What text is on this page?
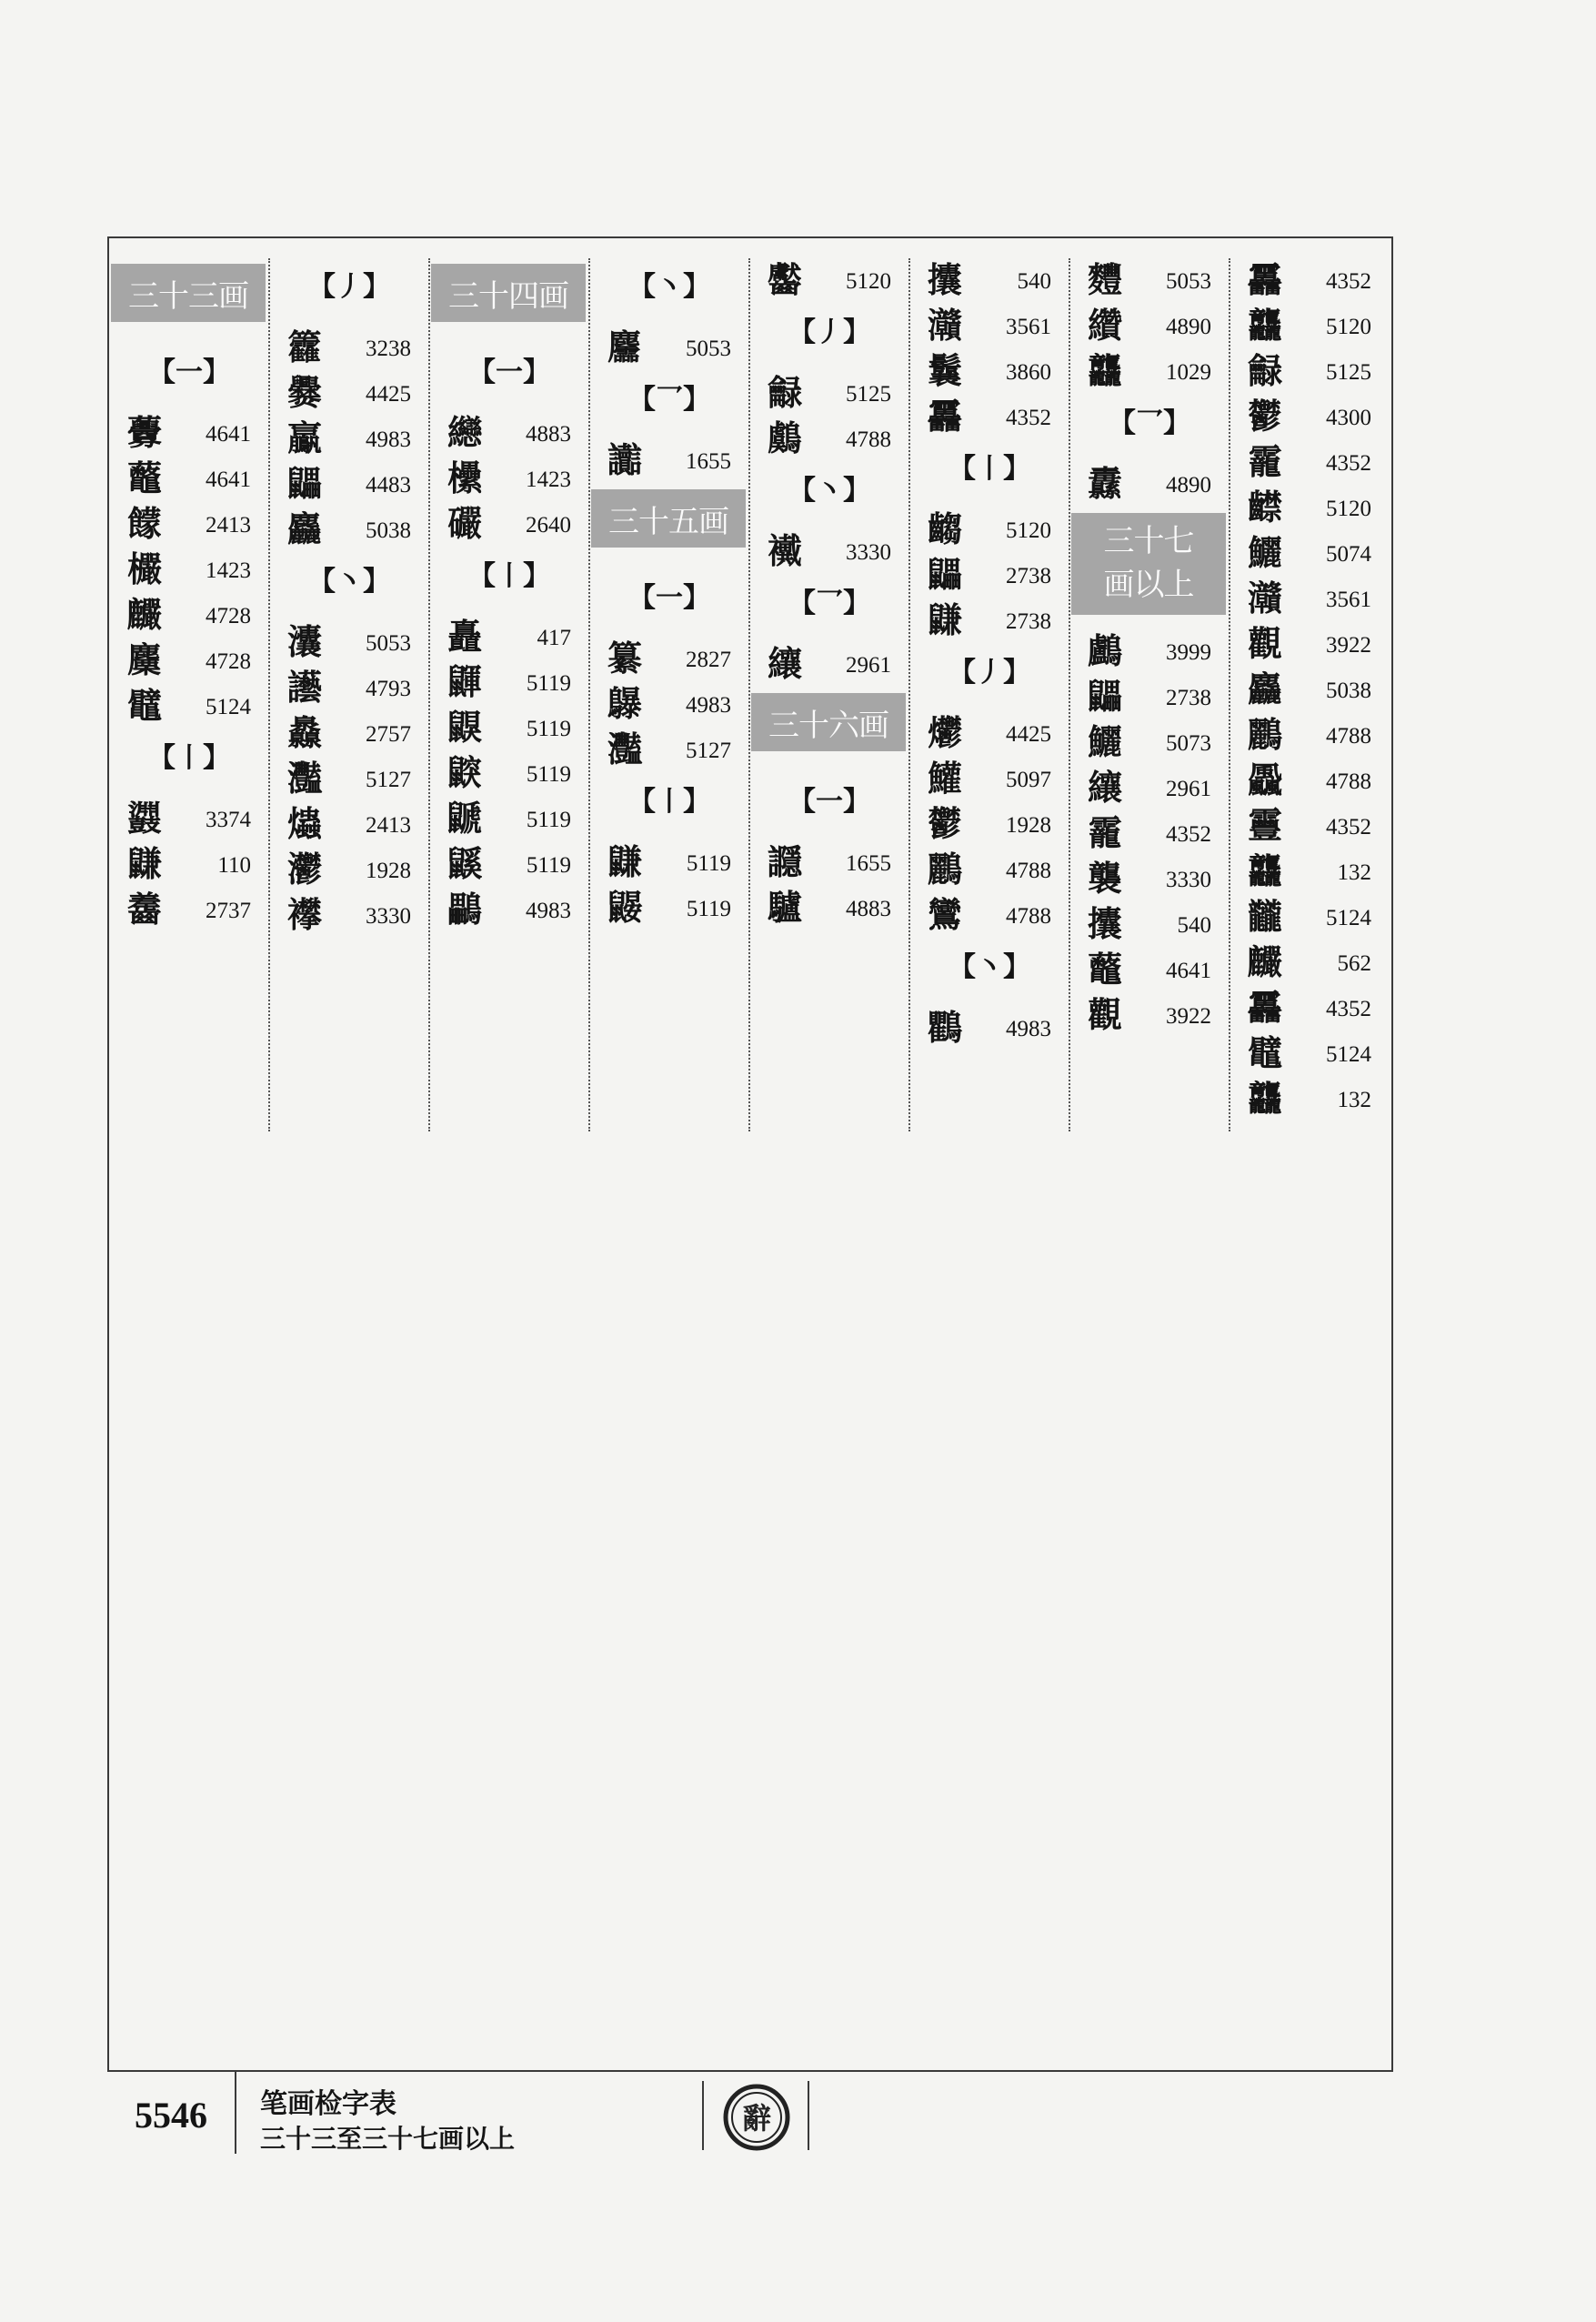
三十三画
【一】
虋 4641
虌 4641
饛 2413
欕 1423
麣 4728
麜 4728
鼊 5124
【丨】
鼝 3374
鼸 110
齹 2737
【丿】
籱 3238
爨 4425
鸁 4983
鼺 4483
麤 5038
【丶】
灢 5053
讛 4793
灥 2757
灩 5127
爞 2413
灪 1928
襻 3330
三十四画
【一】
纞 4883
欙 1423
礹 2640
【丨】
矗 417
鼲 5119
鼳 5119
鼵 5119
鼶 5119
鼷 5119
鸓 4983
【丶】
麢 5053
【乛】
讟 1655
三十五画
【一】
纂 2827
鸔 4983
灩 5127
【丨】
鼸 5119
鼹 5119
齾 5120
【丿】
龣 5125
鸆 4788
【丶】
襶 3330
【乛】
纕 2961
三十六画
【一】
讔 1655
驢 4883
攮 540
灨 3561
鬤 3860
靐 4352
【丨】
齺 5120
鼺 2738
鼸 2738
【丿】
爩 4425
鱹 5097
鬱 1928
鸝 4788
鸞 4788
【丶】
鸜 4983
麷 5053
纘 4890
龘 1029
【乛】
纛 4890
三十七
画以上
鸕 3999
鼺 2738
鱺 5073
纕 2961
靇 4352
襲 3330
攮 540
虌 4641
觀 3922
靐 4352
龘 5120
龣 5125
鬱 4300
靇 4352
齽 5120
鱺 5074
灨 3561
觀 3922
麤 5038
鸝 4788
飍 4788
靊 4352
龘 132
龖 5124
麣 562
靐 4352
鼊 5124
龘 132
5546 笔画检字表
三十三至三十七画以上
辭
